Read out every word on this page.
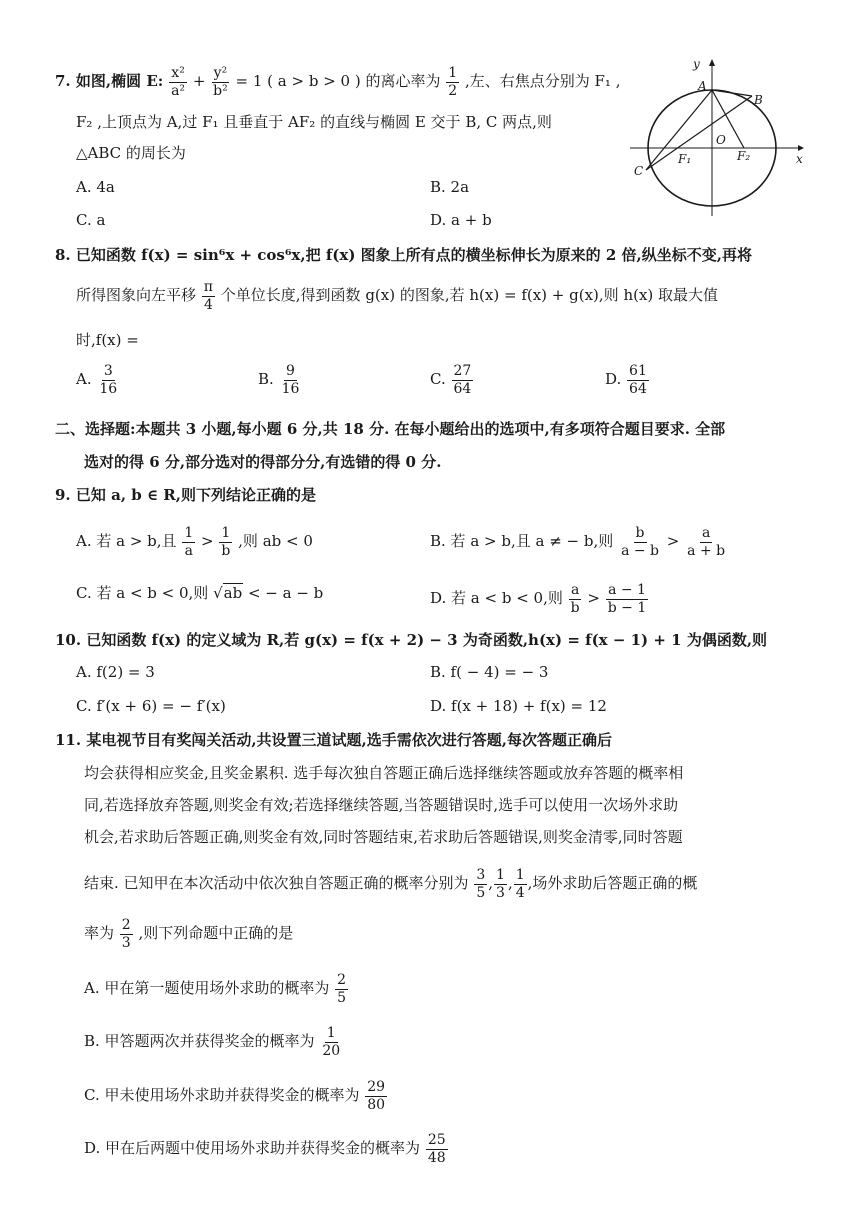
7. 如图,椭圆 E: $\frac{\text{x²}}{\text{a²}} + \frac{\text{y²}}{\text{b²}} = 1$ ( a > b > 0 ) 的离心率为 $\frac{1}{2}$ ,左、右焦点分别为 F₁ ,
F₂ ,上顶点为 A,过 F₁ 且垂直于 AF₂ 的直线与椭圆 E 交于 B, C 两点,则
△ABC 的周长为
A. 4a	B. 2a
C. a	D. a + b
y
x
A
B
C
O
F₁	F₂
8. 已知函数 f(x) = sin⁶x + cos⁶x,把 f(x) 图象上所有点的横坐标伸长为原来的 2 倍,纵坐标不变,再将
所得图象向左平移 $\frac{\pi}{4}$ 个单位长度,得到函数 g(x) 的图象,若 h(x) = f(x) + g(x),则 h(x) 取最大值
时,f(x) =
A. $\frac{3}{16}$	B. $\frac{9}{16}$	C. $\frac{27}{64}$	D. $\frac{61}{64}$
二、选择题:本题共 3 小题,每小题 6 分,共 18 分. 在每小题给出的选项中,有多项符合题目要求. 全部
选对的得 6 分,部分选对的得部分分,有选错的得 0 分.
9. 已知 a, b ∈ R,则下列结论正确的是
A. 若 a > b,且 $\frac{1}{a} > \frac{1}{b}$ ,则 ab < 0	B. 若 a > b,且 a ≠ − b,则 $\frac{b}{a - b} > \frac{a}{a + b}$
C. 若 a < b < 0,则 √ab < − a − b	D. 若 a < b < 0,则 $\frac{a}{b} > \frac{a - 1}{b - 1}$
10. 已知函数 f(x) 的定义域为 R,若 g(x) = f(x + 2) − 3 为奇函数,h(x) = f(x − 1) + 1 为偶函数,则
A. f(2) = 3	B. f( − 4) = − 3
C. f′(x + 6) = − f′(x)	D. f(x + 18) + f(x) = 12
11. 某电视节目有奖闯关活动,共设置三道试题,选手需依次进行答题,每次答题正确后
均会获得相应奖金,且奖金累积. 选手每次独自答题正确后选择继续答题或放弃答题的概率相
同,若选择放弃答题,则奖金有效;若选择继续答题,当答题错误时,选手可以使用一次场外求助
机会,若求助后答题正确,则奖金有效,同时答题结束,若求助后答题错误,则奖金清零,同时答题
结束. 已知甲在本次活动中依次独自答题正确的概率分别为 $\frac{3}{5}$ , $\frac{1}{3}$ , $\frac{1}{4}$ ,场外求助后答题正确的概
率为 $\frac{2}{3}$ ,则下列命题中正确的是
A. 甲在第一题使用场外求助的概率为 $\frac{2}{5}$
B. 甲答题两次并获得奖金的概率为 $\frac{1}{20}$
C. 甲未使用场外求助并获得奖金的概率为 $\frac{29}{80}$
D. 甲在后两题中使用场外求助并获得奖金的概率为 $\frac{25}{48}$
